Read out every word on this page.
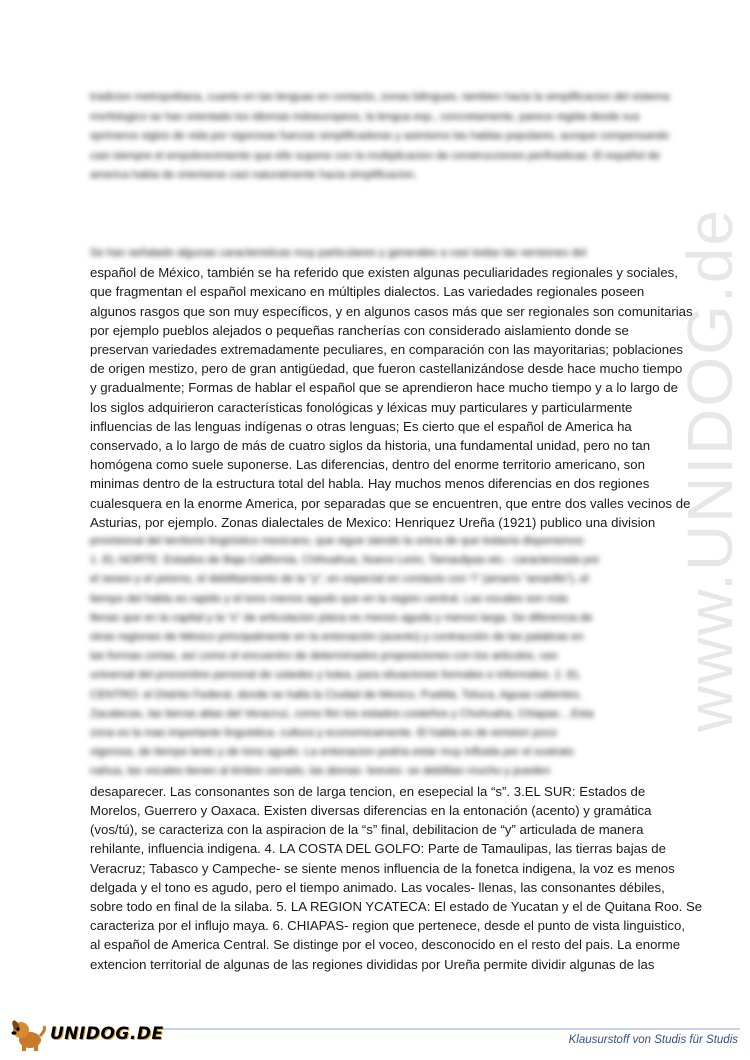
www.UNIDOG.de
tradicion metropolitana, cuanto en las lenguas en contacto, zonas bilingues, tambien hacia la simplificacion del sistema morfologico se han orientado los idiomas indoeuropeos, la lengua esp., concretamente, parece regida desde sus sprimeros siglos de vida por vigorosas fuerzas simplificadoras y asimismo las hablas populares, aunque compensando casi siempre el empobrecimiento que ello supone con la multiplicacion de construcciones perifrasticas. El español de america habia de orientarse casi naturalmente hacia simplificacion.
Se han señalado algunas caracteristicas muy particulares y generales a casi todas las versiones del
español de México, también se ha referido que existen algunas peculiaridades regionales y sociales,
que fragmentan el español mexicano en múltiples dialectos. Las variedades regionales poseen
algunos rasgos que son muy específicos, y en algunos casos más que ser regionales son comunitarias
por ejemplo pueblos alejados o pequeñas rancherías con considerado aislamiento donde se
preservan variedades extremadamente peculiares, en comparación con las mayoritarias; poblaciones
de origen mestizo, pero de gran antigüedad, que fueron castellanizándose desde hace mucho tiempo
y gradualmente; Formas de hablar el español que se aprendieron hace mucho tiempo y a lo largo de
los siglos adquirieron características fonológicas y léxicas muy particulares y particularmente
influencias de las lenguas indígenas o otras lenguas; Es cierto que el español de America ha
conservado, a lo largo de más de cuatro siglos da historia, una fundamental unidad, pero no tan
homógena como suele suponerse. Las diferencias, dentro del enorme territorio americano, son
minimas dentro de la estructura total del habla. Hay muchos menos diferencias en dos regiones
cualesquera en la enorme America, por separadas que se encuentren, que entre dos valles vecinos de
Asturias, por ejemplo. Zonas dialectales de Mexico: Henriquez Ureña (1921) publico una division
provisional del territorio lingüístico mexicano, que sigue siendo la unica de que todavía disponemos:
1. EL NORTE: Estados de Baja California, Chihuahua, Nuevo León, Tamaulipas etc.- caracterizada por
el seseo y el yeismo, el debilitamiento de la “y”, en especial en contacto con “i” (amario “amarillo”), el
tiempo del habla es rapido y el tono menos agudo que en la region central. Las vocales son más
llenas que en la capital y la “s” de articulacion plana es menos aguda y menos larga. Se diferencia de
otras regiones de México principalmente en la entonación (acento) y contracción de las palabras en
las formas cortas, así como el encuentro de determinados proposiciones con los articulos, uso
universal del pronombre personal de ustedes y tutea, para situaciones formales e informales. 2. EL
CENTRO: el Distrito Federal, donde se halla la Ciudad de Mexico, Puebla, Toluca, Aguas calientes,
Zacatecas, las tierras altas del Veracruz, como fön los estados costeños y Chuhuaha, Chiapas....Esta
zona es la mas importante linguistica- cultura y economicamente. El habla es de emision poco
vigorosa, de tiempo lento y de tono agudo. La entonacion podria estar muy influida por el sustrato
nahua, las vocales tienen al timbre cerrado, las átonas- breves- se debilitan mucho y pueden
desaparecer. Las consonantes son de larga tencion, en esepecial la “s”. 3.EL SUR: Estados de
Morelos, Guerrero y Oaxaca. Existen diversas diferencias en la entonación (acento) y gramática
(vos/tú), se caracteriza con la aspiracion de la “s” final, debilitacion de “y” articulada de manera
rehilante, influencia indigena. 4. LA COSTA DEL GOLFO: Parte de Tamaulipas, las tierras bajas de
Veracruz; Tabasco y Campeche- se siente menos influencia de la fonetca indigena, la voz es menos
delgada y el tono es agudo, pero el tiempo animado. Las vocales- llenas, las consonantes débiles,
sobre todo en final de la silaba. 5. LA REGION YCATECA: El estado de Yucatan y el de Quitana Roo. Se
caracteriza por el influjo maya. 6. CHIAPAS- region que pertenece, desde el punto de vista linguistico,
al español de America Central. Se distinge por el voceo, desconocido en el resto del pais. La enorme
extencion territorial de algunas de las regiones divididas por Ureña permite dividir algunas de las
UNIDOG.DE	Klausurstoff von Studis für Studis
